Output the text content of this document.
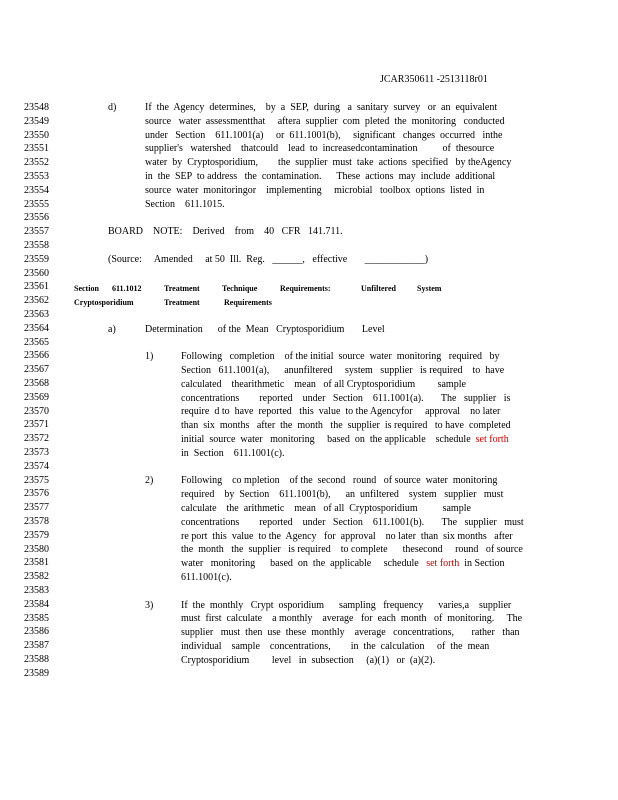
JCAR350611 -2513118r01
23548
23549
23550
23551
23552
23553
23554
23555
23556
23557
23558
23559
23560
23561
23562
23563
23564
23565
23566
23567
23568
23569
23570
23571
23572
23573
23574
23575
23576
23577
23578
23579
23580
23581
23582
23583
23584
23585
23586
23587
23588
23589
d)	If  the  Agency  determines,    by  a  SEP,  during   a  sanitary  survey   or  an  equivalent
source   water  assessmentthat     aftera  supplier  com  pleted  the  monitoring   conducted
under   Section    611.1001(a)     or  611.1001(b),     significant   changes  occurred   inthe
supplier's   watershed    thatcould    lead  to  increasedcontamination          of  thesource
water  by  Cryptosporidium,        the  supplier  must  take  actions  specified   by theAgency
in  the  SEP  to address   the  contamination.      These  actions  may  include  additional
source  water  monitoringor    implementing     microbial   toolbox  options  listed  in
Section    611.1015.
BOARD    NOTE:    Derived    from    40   CFR   141.711.
(Source:     Amended     at 50  Ill.  Reg.   ______,   effective ____________)
Section 611.1012	Treatment	Technique	Requirements:	Unfiltered	System
Cryptosporidium	Treatment	Requirements
a)	Determination      of the  Mean   Cryptosporidium       Level
1)	Following   completion    of the initial  source  water  monitoring   required   by
Section   611.1001(a),      anunfiltered     system   supplier   is required    to  have
calculated    thearithmetic    mean   of all Cryptosporidium         sample
concentrations        reported    under   Section    611.1001(a).       The   supplier   is
require  d to  have  reported   this  value  to the Agencyfor     approval    no later
than  six  months   after  the  month   the  supplier  is required   to have  completed
initial  source  water   monitoring     based  on  the applicable    schedule  set forth
in  Section    611.1001(c).
2)	Following    co mpletion    of the  second   round   of source  water  monitoring
required    by  Section    611.1001(b),      an  unfiltered    system   supplier   must
calculate    the  arithmetic    mean   of all  Cryptosporidium          sample
concentrations        reported    under   Section    611.1001(b).       The   supplier   must
re port  this  value  to the  Agency   for  approval    no later  than  six months   after
the  month   the  supplier   is required    to complete      thesecond     round   of source
water   monitoring      based  on  the  applicable     schedule   set forth  in Section
611.1001(c).
3)	If  the  monthly   Crypt  osporidium      sampling   frequency      varies,a    supplier
must  first  calculate    a monthly    average   for  each  month   of  monitoring.     The
supplier   must  then  use  these  monthly    average   concentrations,       rather   than
individual    sample    concentrations,        in  the  calculation     of  the  mean
Cryptosporidium         level   in  subsection     (a)(1)   or  (a)(2).
